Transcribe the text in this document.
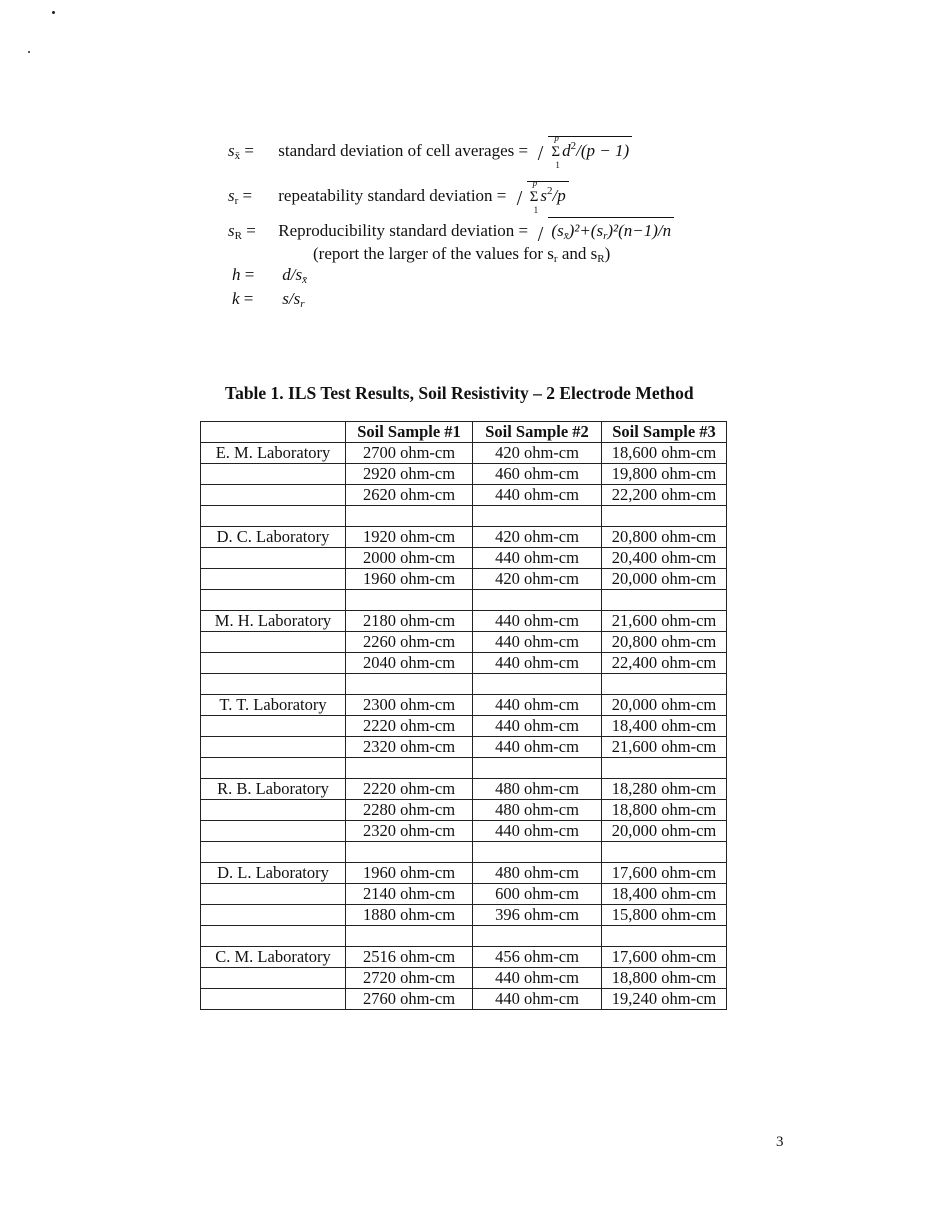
$s_{x̄}$ = standard deviation of cell averages = Σ
p
1
$d^2/(p - 1)$
$s_r$ = repeatability standard deviation = Σ
p
1
$s^2/p$
$s_R$ = Reproducibility standard deviation = $(s_{x̄})^2+(s_r)^2(n-1)/n$
(report the larger of the values for $s_r$ and $s_R$)
$h = d/s_{x̄}$
$k = s/s_r$
Table 1. ILS Test Results, Soil Resistivity – 2 Electrode Method
	Soil Sample #1	Soil Sample #2	Soil Sample #3
E. M. Laboratory	2700 ohm-cm	420 ohm-cm	18,600 ohm-cm
	2920 ohm-cm	460 ohm-cm	19,800 ohm-cm
	2620 ohm-cm	440 ohm-cm	22,200 ohm-cm

D. C. Laboratory	1920 ohm-cm	420 ohm-cm	20,800 ohm-cm
	2000 ohm-cm	440 ohm-cm	20,400 ohm-cm
	1960 ohm-cm	420 ohm-cm	20,000 ohm-cm

M. H. Laboratory	2180 ohm-cm	440 ohm-cm	21,600 ohm-cm
	2260 ohm-cm	440 ohm-cm	20,800 ohm-cm
	2040 ohm-cm	440 ohm-cm	22,400 ohm-cm

T. T. Laboratory	2300 ohm-cm	440 ohm-cm	20,000 ohm-cm
	2220 ohm-cm	440 ohm-cm	18,400 ohm-cm
	2320 ohm-cm	440 ohm-cm	21,600 ohm-cm

R. B. Laboratory	2220 ohm-cm	480 ohm-cm	18,280 ohm-cm
	2280 ohm-cm	480 ohm-cm	18,800 ohm-cm
	2320 ohm-cm	440 ohm-cm	20,000 ohm-cm

D. L. Laboratory	1960 ohm-cm	480 ohm-cm	17,600 ohm-cm
	2140 ohm-cm	600 ohm-cm	18,400 ohm-cm
	1880 ohm-cm	396 ohm-cm	15,800 ohm-cm

C. M. Laboratory	2516 ohm-cm	456 ohm-cm	17,600 ohm-cm
	2720 ohm-cm	440 ohm-cm	18,800 ohm-cm
	2760 ohm-cm	440 ohm-cm	19,240 ohm-cm
3
